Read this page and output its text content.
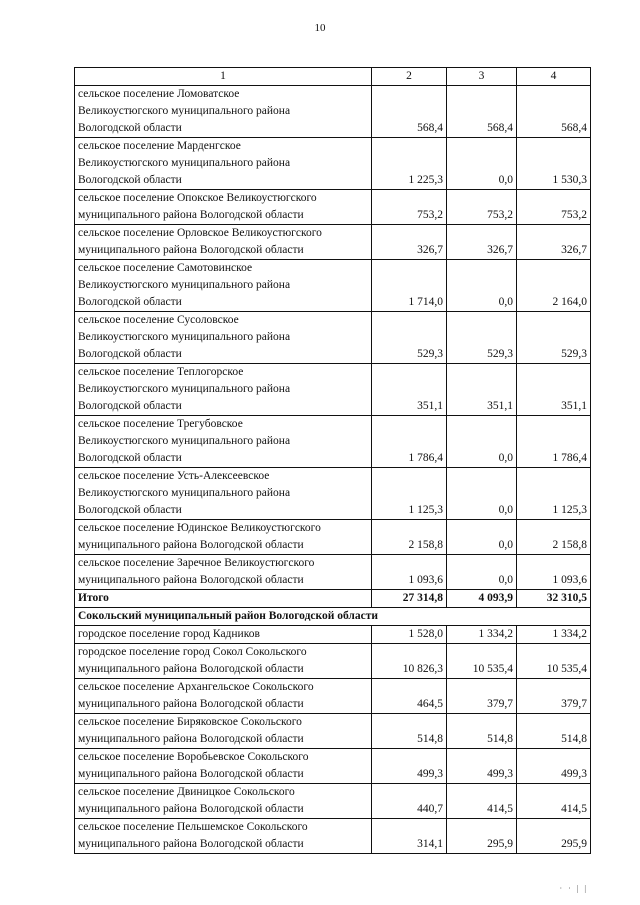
10
1	2	3	4
сельское поселение Ломоватское
Великоустюгского муниципального района
Вологодской области	568,4	568,4	568,4
сельское поселение Марденгское
Великоустюгского муниципального района
Вологодской области	1 225,3	0,0	1 530,3
сельское поселение Опокское Великоустюгского
муниципального района Вологодской области	753,2	753,2	753,2
сельское поселение Орловское Великоустюгского
муниципального района Вологодской области	326,7	326,7	326,7
сельское поселение Самотовинское
Великоустюгского муниципального района
Вологодской области	1 714,0	0,0	2 164,0
сельское поселение Сусоловское
Великоустюгского муниципального района
Вологодской области	529,3	529,3	529,3
сельское поселение Теплогорское
Великоустюгского муниципального района
Вологодской области	351,1	351,1	351,1
сельское поселение Трегубовское
Великоустюгского муниципального района
Вологодской области	1 786,4	0,0	1 786,4
сельское поселение Усть-Алексеевское
Великоустюгского муниципального района
Вологодской области	1 125,3	0,0	1 125,3
сельское поселение Юдинское Великоустюгского
муниципального района Вологодской области	2 158,8	0,0	2 158,8
сельское поселение Заречное Великоустюгского
муниципального района Вологодской области	1 093,6	0,0	1 093,6
Итого	27 314,8	4 093,9	32 310,5
Сокольский муниципальный район Вологодской области			
городское поселение город Кадников	1 528,0	1 334,2	1 334,2
городское поселение город Сокол Сокольского
муниципального района Вологодской области	10 826,3	10 535,4	10 535,4
сельское поселение Архангельское Сокольского
муниципального района Вологодской области	464,5	379,7	379,7
сельское поселение Биряковское Сокольского
муниципального района Вологодской области	514,8	514,8	514,8
сельское поселение Воробьевское Сокольского
муниципального района Вологодской области	499,3	499,3	499,3
сельское поселение Двиницкое Сокольского
муниципального района Вологодской области	440,7	414,5	414,5
сельское поселение Пельшемское Сокольского
муниципального района Вологодской области	314,1	295,9	295,9
· · | |
